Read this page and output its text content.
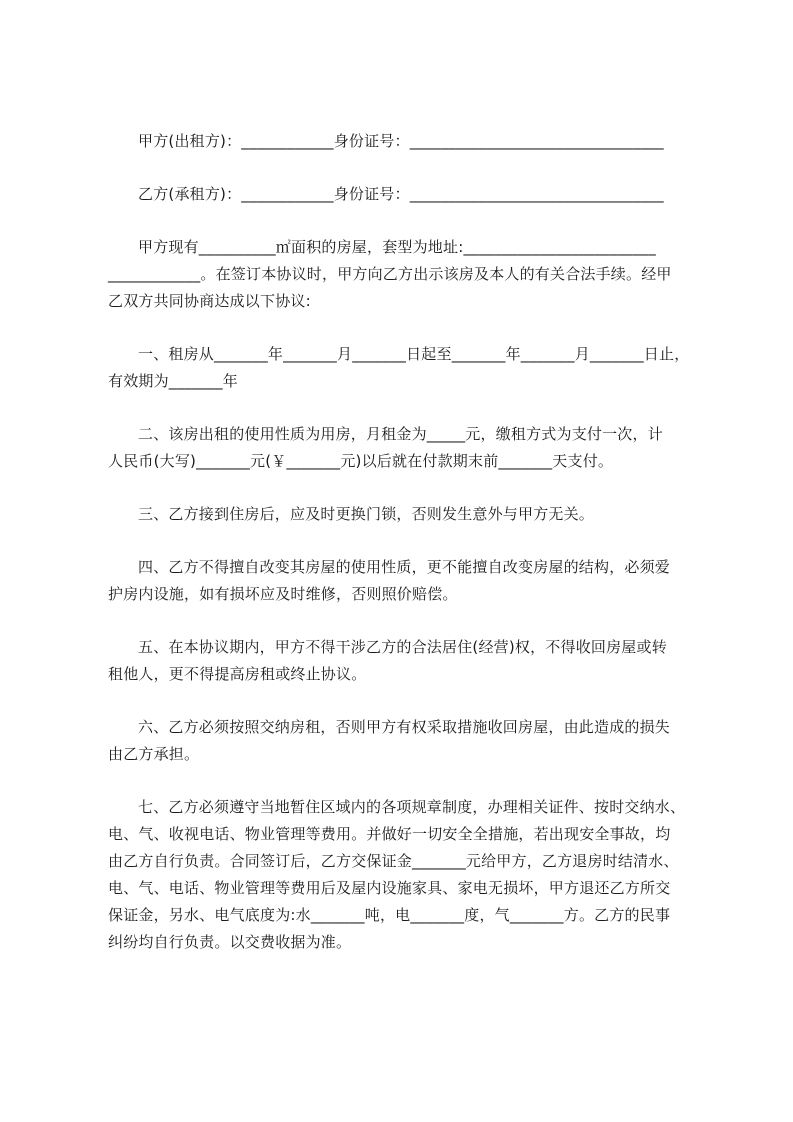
甲方(出租方)：____________身份证号：_________________________________
乙方(承租方)：____________身份证号：_________________________________
甲方现有__________㎡面积的房屋，套型为地址:_________________________
____________。在签订本协议时，甲方向乙方出示该房及本人的有关合法手续。经甲
乙双方共同协商达成以下协议:
一、租房从_______年_______月_______日起至_______年_______月_______日止，
有效期为_______年
二、该房出租的使用性质为用房，月租金为_____元，缴租方式为支付一次，计
人民币(大写)_______元(￥_______元)以后就在付款期末前_______天支付。
三、乙方接到住房后，应及时更换门锁，否则发生意外与甲方无关。
四、乙方不得擅自改变其房屋的使用性质，更不能擅自改变房屋的结构，必须爱
护房内设施，如有损坏应及时维修，否则照价赔偿。
五、在本协议期内，甲方不得干涉乙方的合法居住(经营)权，不得收回房屋或转
租他人，更不得提高房租或终止协议。
六、乙方必须按照交纳房租，否则甲方有权采取措施收回房屋，由此造成的损失
由乙方承担。
七、乙方必须遵守当地暂住区域内的各项规章制度，办理相关证件、按时交纳水、
电、气、收视电话、物业管理等费用。并做好一切安全全措施，若出现安全事故，均
由乙方自行负责。合同签订后，乙方交保证金_______元给甲方，乙方退房时结清水、
电、气、电话、物业管理等费用后及屋内设施家具、家电无损坏，甲方退还乙方所交
保证金，另水、电气底度为:水_______吨，电_______度，气_______方。乙方的民事
纠纷均自行负责。以交费收据为准。
